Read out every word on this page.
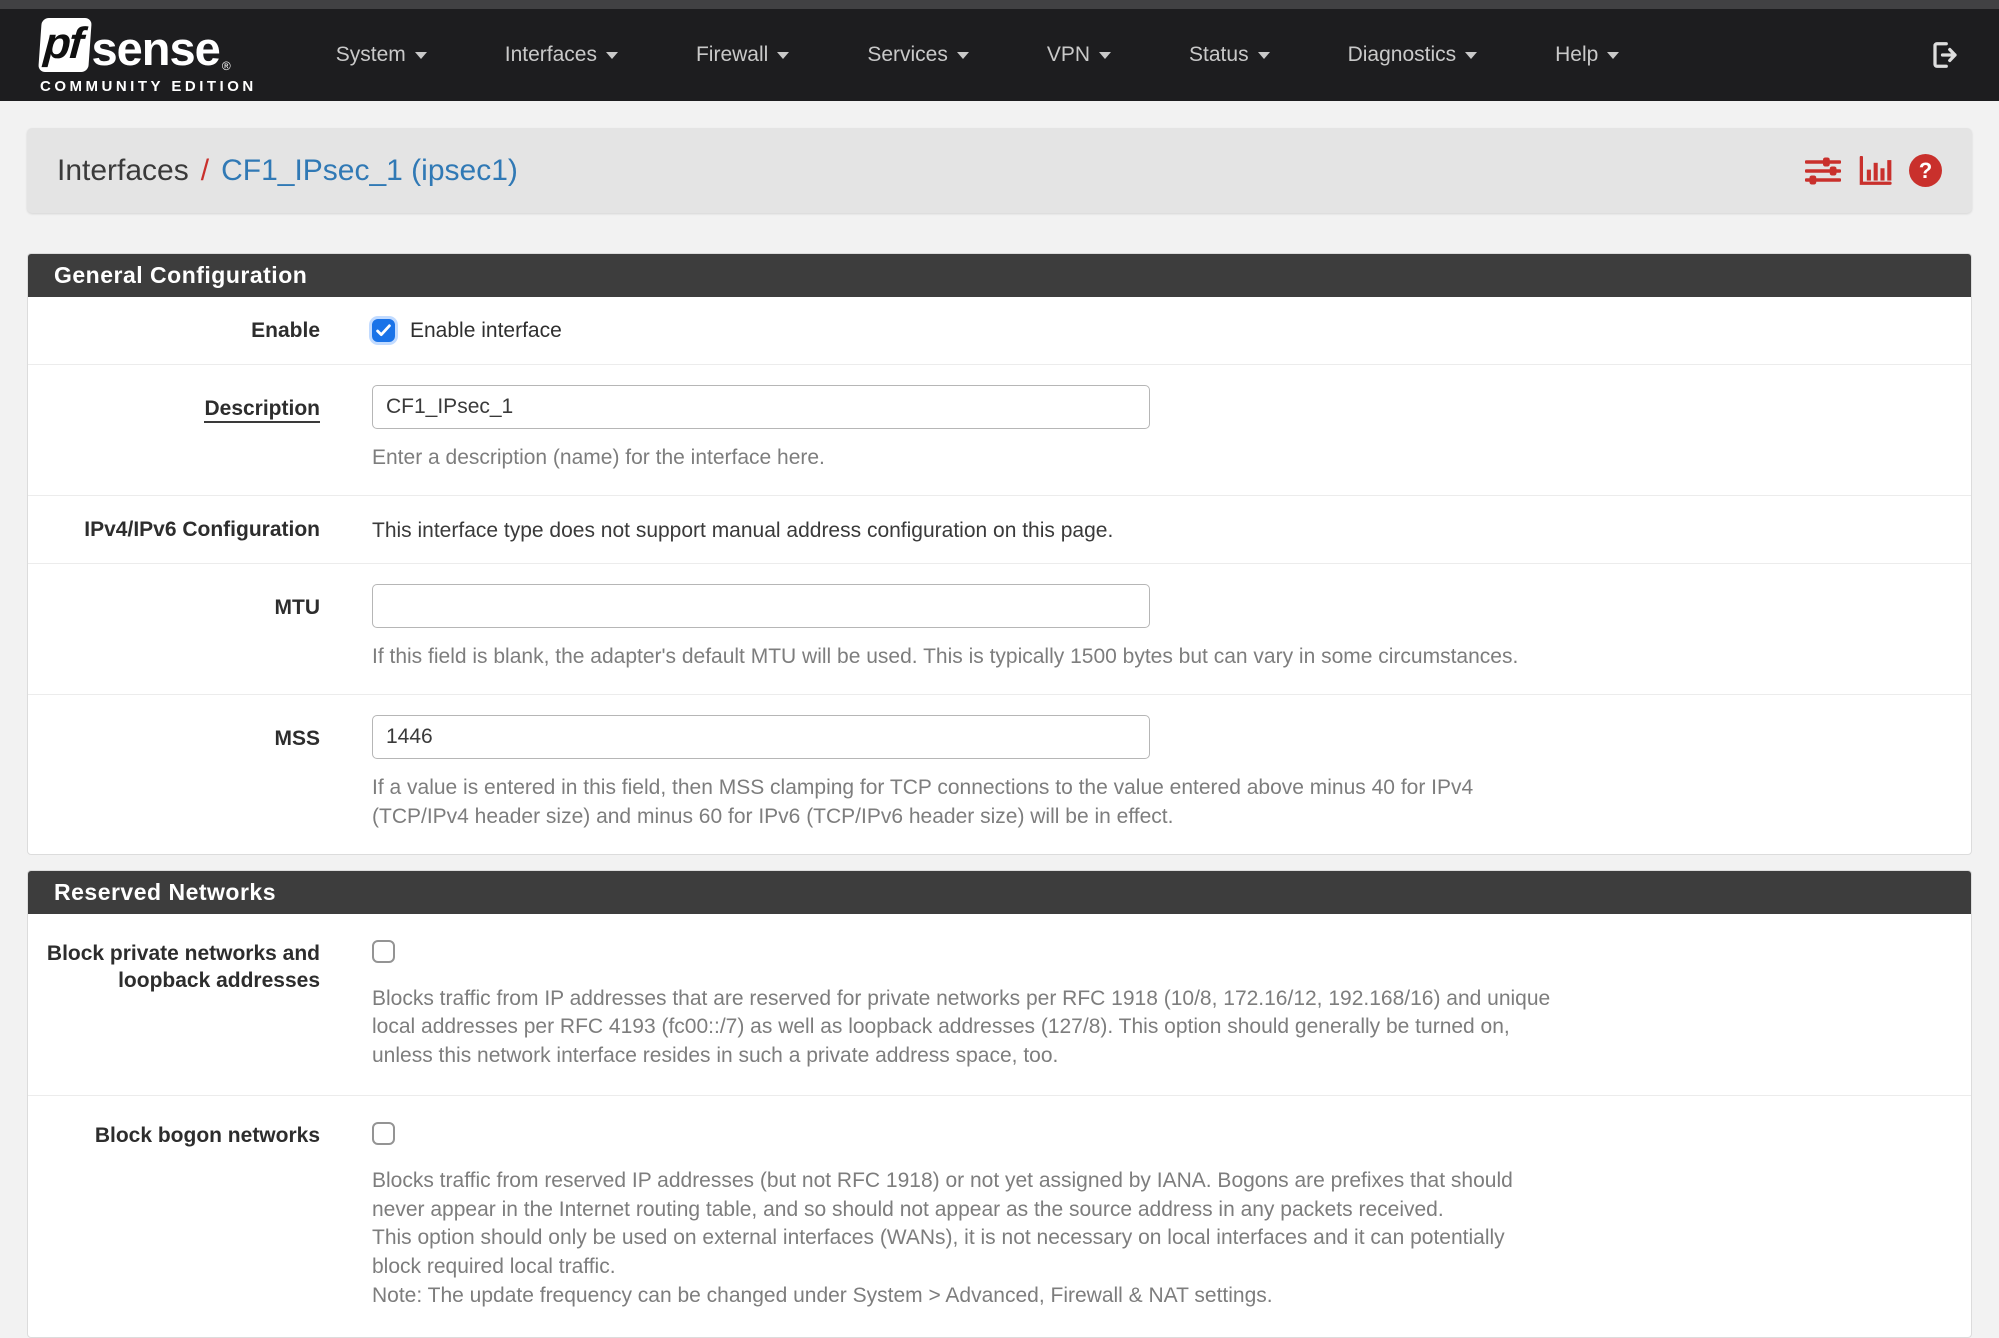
pf sense ®
COMMUNITY EDITION
System	Interfaces	Firewall	Services	VPN	Status	Diagnostics	Help
Interfaces / CF1_IPsec_1 (ipsec1)	?
General Configuration
Enable	Enable interface
Description
CF1_IPsec_1
Enter a description (name) for the interface here.
IPv4/IPv6 Configuration This interface type does not support manual address configuration on this page.
MTU
If this field is blank, the adapter's default MTU will be used. This is typically 1500 bytes but can vary in some circumstances.
MSS
1446
If a value is entered in this field, then MSS clamping for TCP connections to the value entered above minus 40 for IPv4 (TCP/IPv4 header size) and minus 60 for IPv6 (TCP/IPv6 header size) will be in effect.
Reserved Networks
Block private networks and loopback addresses
Blocks traffic from IP addresses that are reserved for private networks per RFC 1918 (10/8, 172.16/12, 192.168/16) and unique local addresses per RFC 4193 (fc00::/7) as well as loopback addresses (127/8). This option should generally be turned on, unless this network interface resides in such a private address space, too.
Block bogon networks
Blocks traffic from reserved IP addresses (but not RFC 1918) or not yet assigned by IANA. Bogons are prefixes that should never appear in the Internet routing table, and so should not appear as the source address in any packets received.
This option should only be used on external interfaces (WANs), it is not necessary on local interfaces and it can potentially block required local traffic.
Note: The update frequency can be changed under System > Advanced, Firewall & NAT settings.
